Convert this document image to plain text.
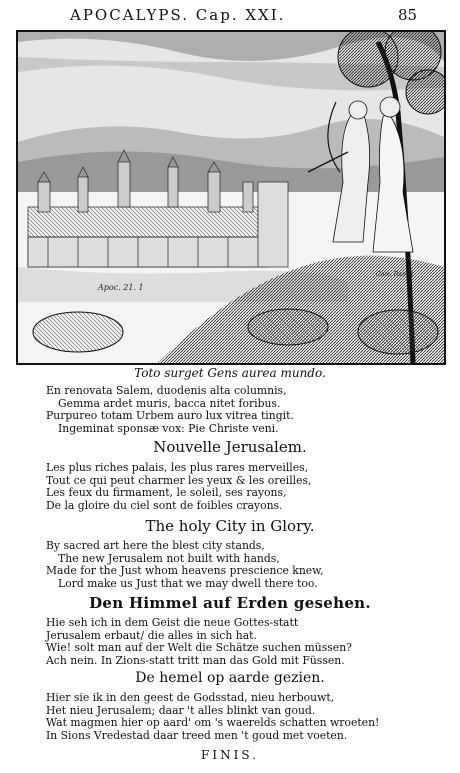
APOCALYPS. Cap. XXI.	85
Apoc. 21. 1
Com. Ramet
Toto surget Gens aurea mundo.
En renovata Salem, duodenis alta columnis,
Gemma ardet muris, bacca nitet foribus.
Purpureo totam Urbem auro lux vitrea tingit.
Ingeminat sponsæ vox: Pie Christe veni.
Nouvelle Jerusalem.
Les plus riches palais, les plus rares merveilles,
Tout ce qui peut charmer les yeux & les oreilles,
Les feux du firmament, le soleil, ses rayons,
De la gloire du ciel sont de foibles crayons.
The holy City in Glory.
By sacred art here the blest city stands,
The new Jerusalem not built with hands,
Made for the Just whom heavens prescience knew,
Lord make us Just that we may dwell there too.
Den Himmel auf Erden gesehen.
Hie seh ich in dem Geist die neue Gottes-statt
Jerusalem erbaut/ die alles in sich hat.
Wie! solt man auf der Welt die Schätze suchen müssen?
Ach nein. In Zions-statt tritt man das Gold mit Füssen.
De hemel op aarde gezien.
Hier sie ik in den geest de Godsstad, nieu herbouwt,
Het nieu Jerusalem; daar 't alles blinkt van goud.
Wat magmen hier op aard' om 's waerelds schatten wroeten!
In Sions Vredestad daar treed men 't goud met voeten.
FINIS.
